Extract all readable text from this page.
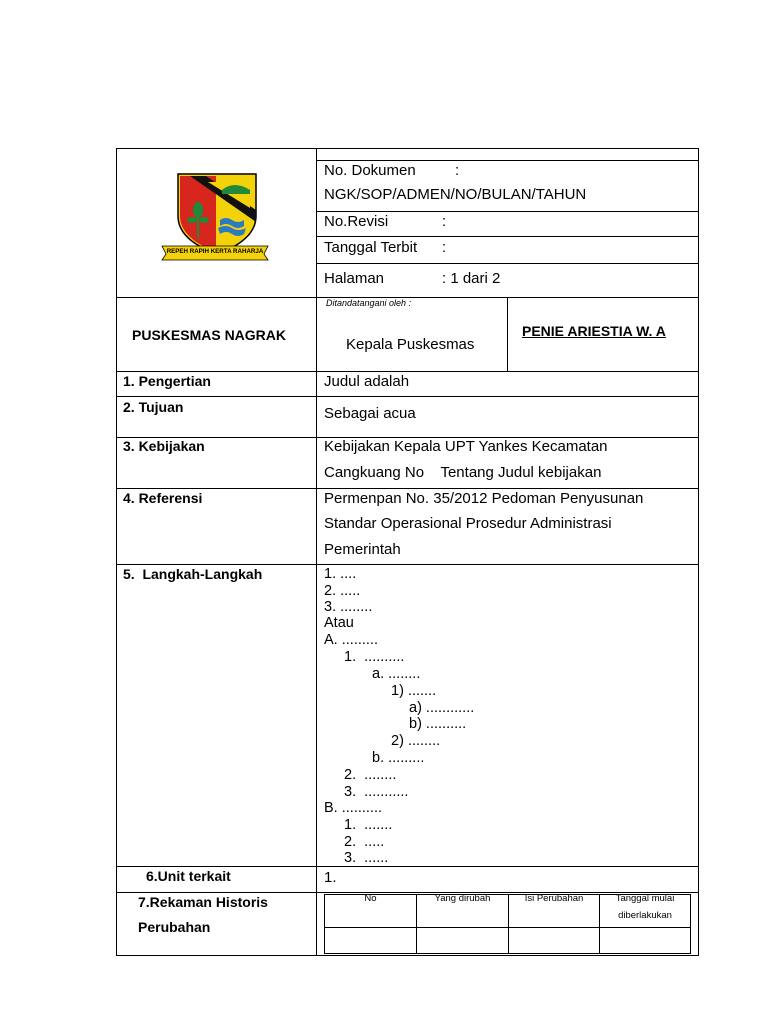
REPEH RAPIH KERTA RAHARJA
No. Dokumen	:
NGK/SOP/ADMEN/NO/BULAN/TAHUN
No.Revisi	:
Tanggal Terbit :
Halaman	: 1 dari 2
PUSKESMAS NAGRAK
Ditandatangani oleh :
Kepala Puskesmas
PENIE ARIESTIA W. A
1. Pengertian	Judul adalah
2. Tujuan	Sebagai acua
3. Kebijakan	Kebijakan Kepala UPT Yankes Kecamatan
Cangkuang No    Tentang Judul kebijakan
4. Referensi	Permenpan No. 35/2012 Pedoman Penyusunan
Standar Operasional Prosedur Administrasi
Pemerintah
5.  Langkah-Langkah	1. ....
2. .....
3. ........
Atau
A. .........
1.  ..........
a. ........
1) .......
a) ............
b) ..........
2) ........
b. .........
2.  ........
3.  ...........
B. ..........
1.  .......
2.  .....
3.  ......
6.Unit terkait	1.
7.Rekaman Historis
Perubahan
No	Yang dirubah	Isi Perubahan	Tanggal mulai
diberlakukan
